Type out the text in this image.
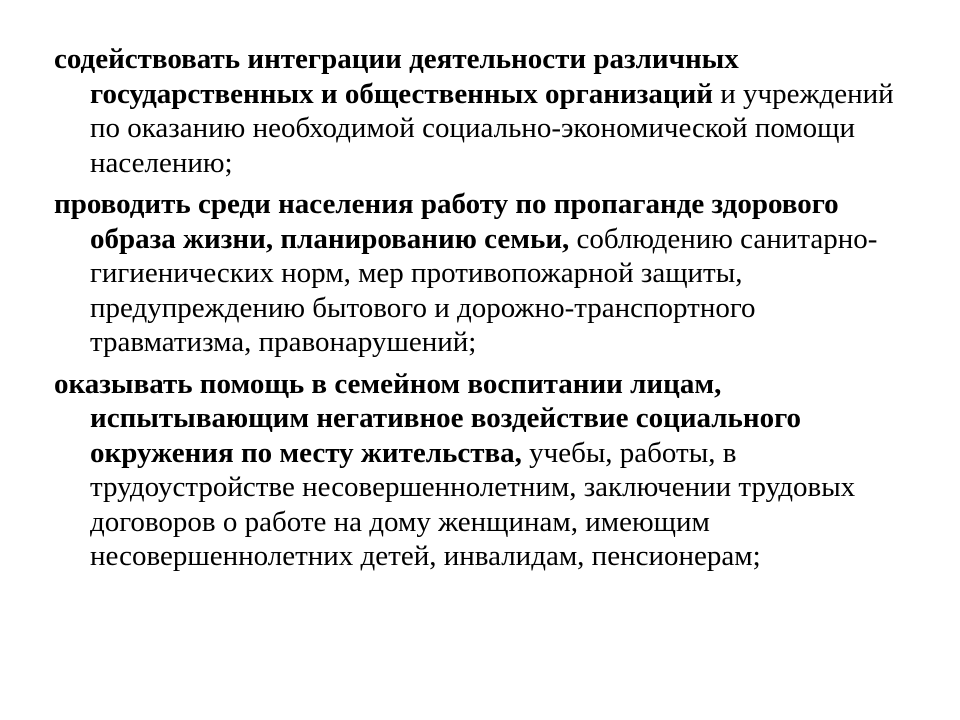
содействовать интеграции деятельности различных государственных и общественных организаций и учреждений по оказанию необходимой социально-экономической помощи населению;

проводить среди населения работу по пропаганде здорового образа жизни, планированию семьи, соблюдению санитарно-гигиенических норм, мер противопожарной защиты, предупреждению бытового и дорожно-транспортного травматизма, правонарушений;

оказывать помощь в семейном воспитании лицам, испытывающим негативное воздействие социального окружения по месту жительства, учебы, работы, в трудоустройстве несовершеннолетним, заключении трудовых договоров о работе на дому женщинам, имеющим несовершеннолетних детей, инвалидам, пенсионерам;
